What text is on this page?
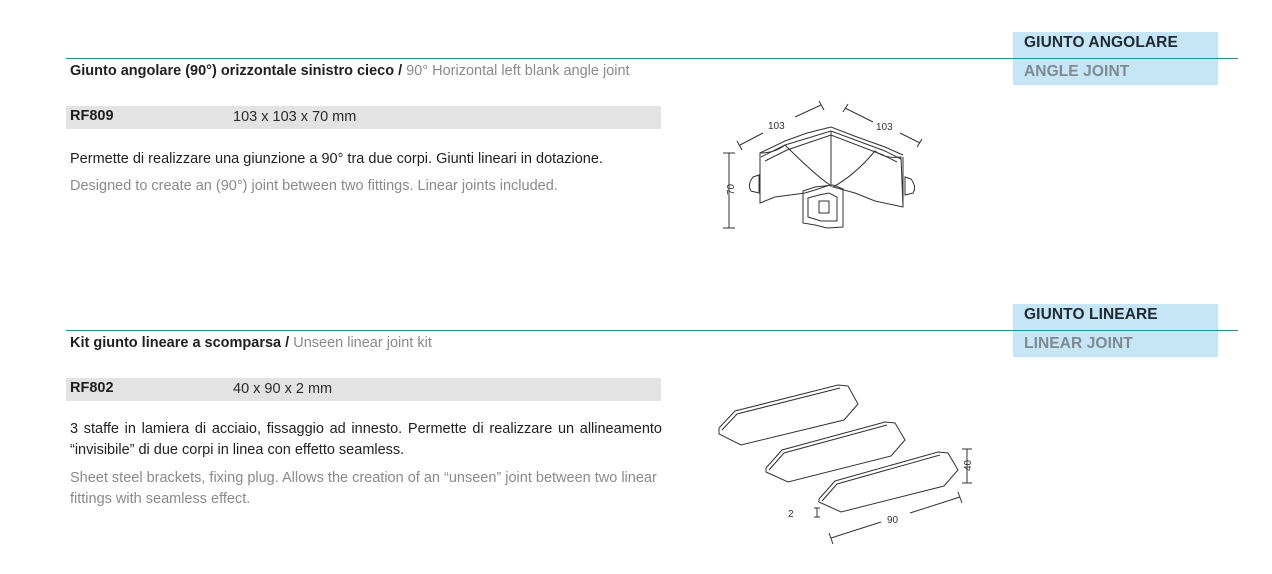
GIUNTO ANGOLARE
ANGLE JOINT
Giunto angolare (90°) orizzontale sinistro cieco / 90° Horizontal left blank angle joint
RF809	103 x 103 x 70 mm
Permette di realizzare una giunzione a 90° tra due corpi. Giunti lineari in dotazione.
Designed to create an (90°) joint between two fittings. Linear joints included.
103	103
70
GIUNTO LINEARE
LINEAR JOINT
Kit giunto lineare a scomparsa / Unseen linear joint kit
RF802	40 x 90 x 2 mm
3 staffe in lamiera di acciaio, fissaggio ad innesto. Permette di realizzare un allineamento “invisibile” di due corpi in linea con effetto seamless.
Sheet steel brackets, fixing plug. Allows the creation of an “unseen” joint between two linear fittings with seamless effect.
2
90
40
